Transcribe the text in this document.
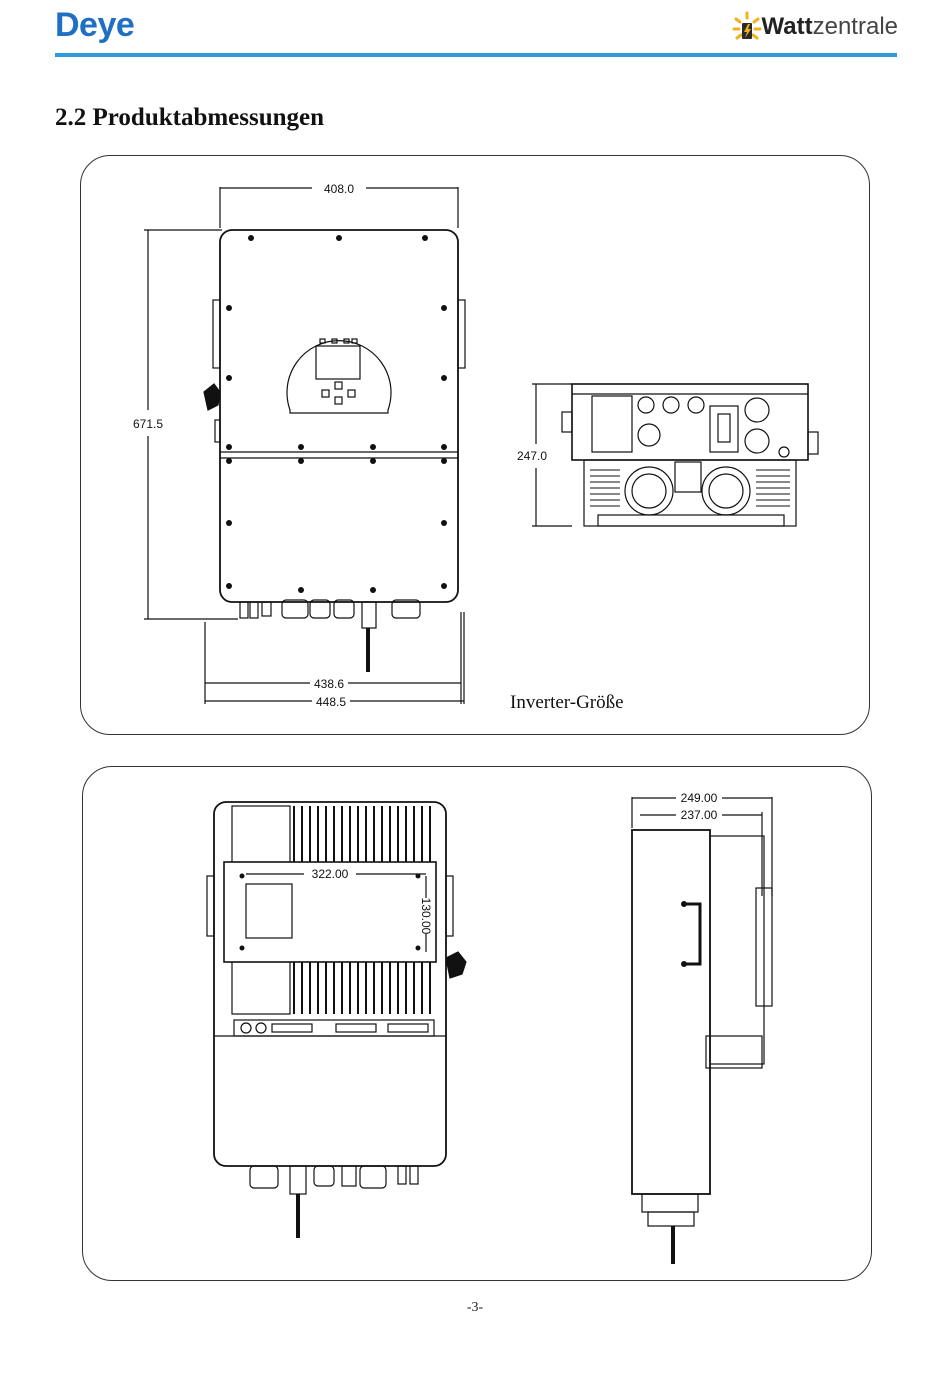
Deye	Watt zentrale
2.2 Produktabmessungen
408.0
671.5
438.6
448.5
247.0
Inverter-Größe
322.00
130.00
249.00
237.00
-3-
